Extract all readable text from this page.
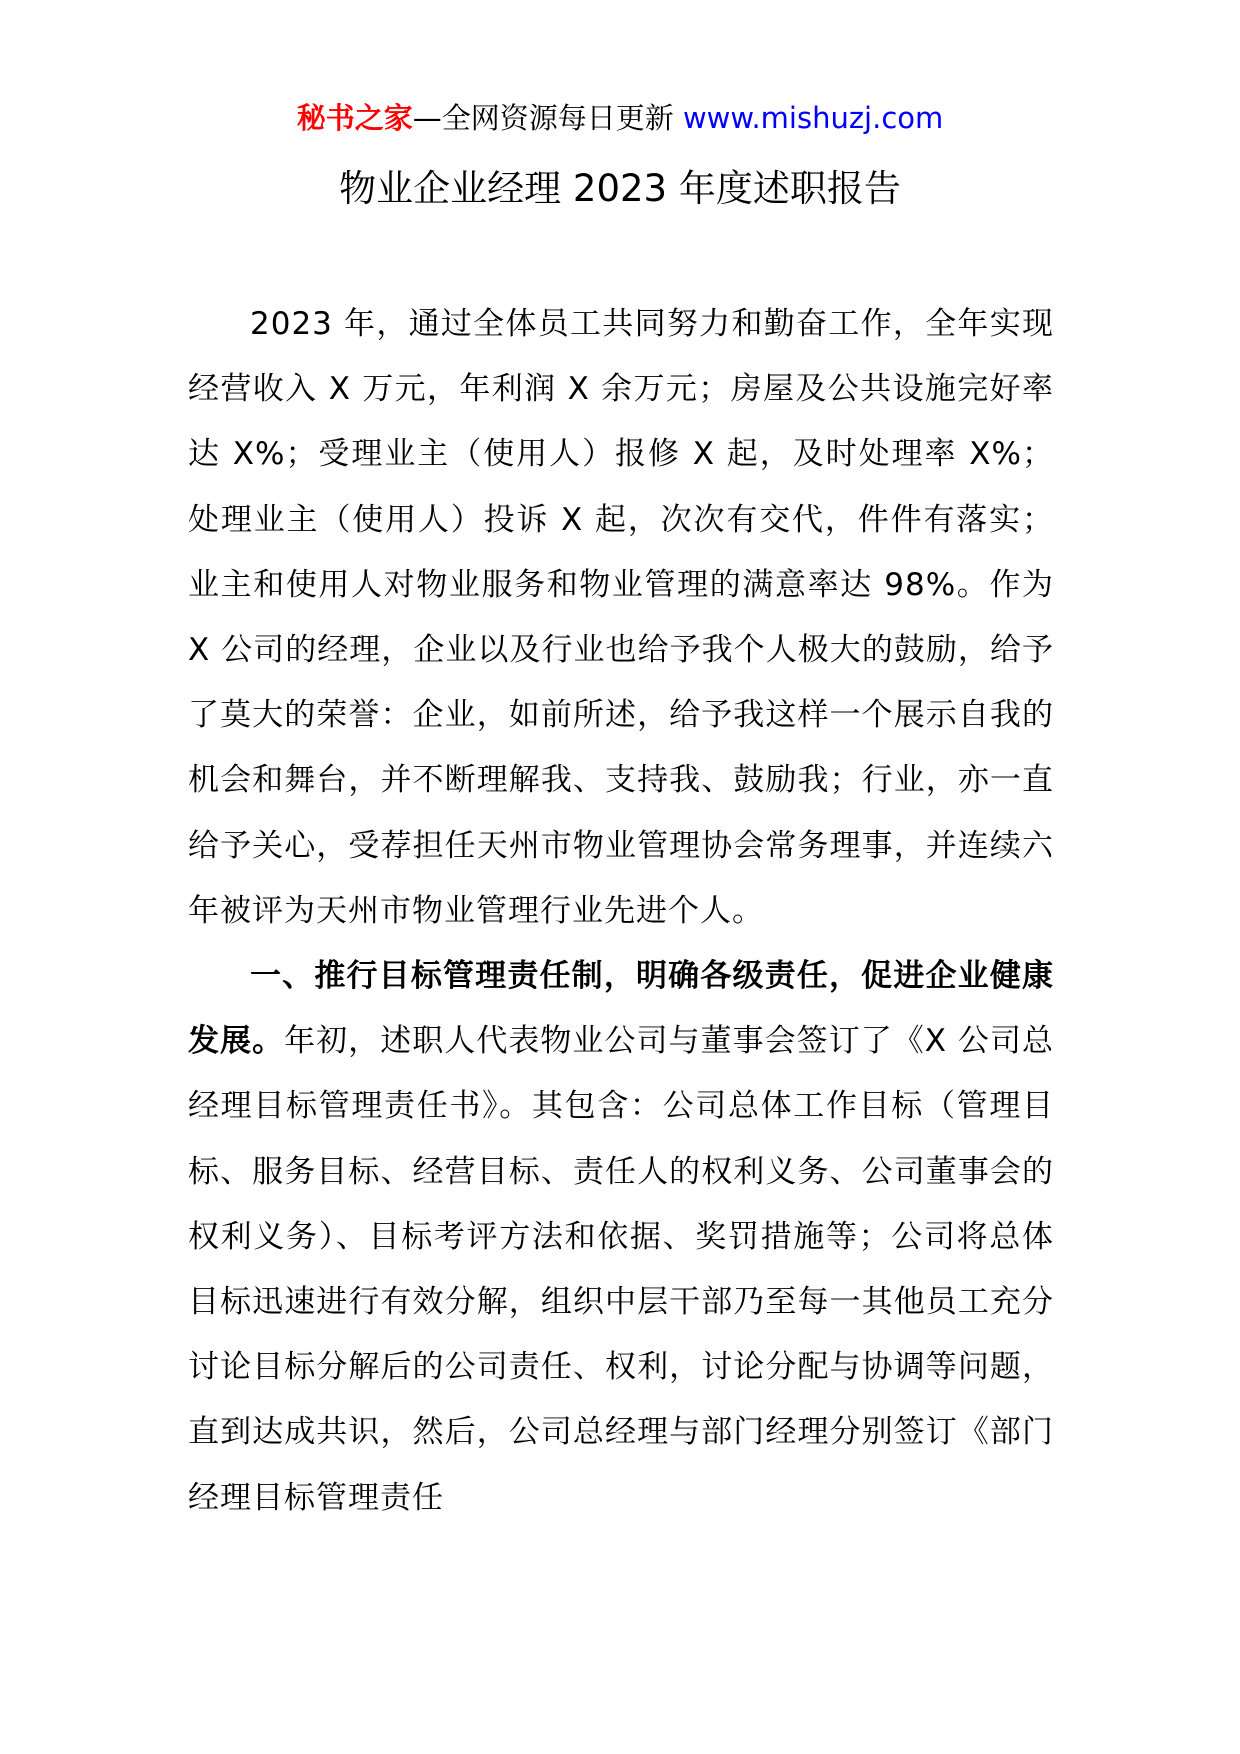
秘书之家—全网资源每日更新 www.mishuzj.com
物业企业经理 2023 年度述职报告

2023 年，通过全体员工共同努力和勤奋工作，全年实现经营收入 X 万元，年利润 X 余万元；房屋及公共设施完好率达 X%；受理业主（使用人）报修 X 起，及时处理率 X%；处理业主（使用人）投诉 X 起，次次有交代，件件有落实；业主和使用人对物业服务和物业管理的满意率达 98%。作为 X 公司的经理，企业以及行业也给予我个人极大的鼓励，给予了莫大的荣誉：企业，如前所述，给予我这样一个展示自我的机会和舞台，并不断理解我、支持我、鼓励我；行业，亦一直给予关心，受荐担任天州市物业管理协会常务理事，并连续六年被评为天州市物业管理行业先进个人。

一、推行目标管理责任制，明确各级责任，促进企业健康发展。年初，述职人代表物业公司与董事会签订了《X 公司总经理目标管理责任书》。其包含：公司总体工作目标（管理目标、服务目标、经营目标、责任人的权利义务、公司董事会的权利义务）、目标考评方法和依据、奖罚措施等；公司将总体目标迅速进行有效分解，组织中层干部乃至每一其他员工充分讨论目标分解后的公司责任、权利，讨论分配与协调等问题，直到达成共识，然后，公司总经理与部门经理分别签订《部门经理目标管理责任
